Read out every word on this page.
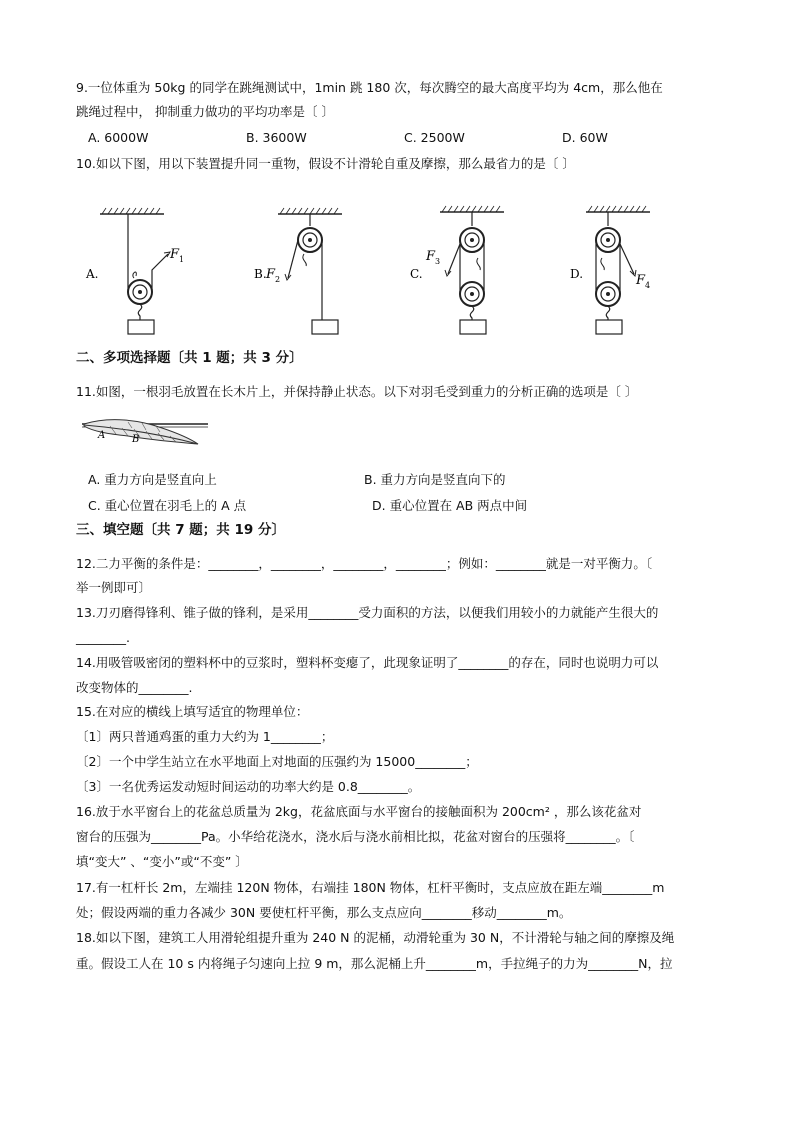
9.一位体重为 50kg 的同学在跳绳测试中，1min 跳 180 次，每次腾空的最大高度平均为 4cm，那么他在
跳绳过程中， 抑制重力做功的平均功率是〔 〕
A. 6000W	B. 3600W	C. 2500W	D. 60W
10.如以下图，用以下装置提升同一重物，假设不计滑轮自重及摩擦，那么最省力的是〔 〕
A.
F 1
B. F 2	C.
F 3
D.	F 4
二、多项选择题〔共 1 题；共 3 分〕
11.如图，一根羽毛放置在长木片上，并保持静止状态。以下对羽毛受到重力的分析正确的选项是〔 〕
A	B
A. 重力方向是竖直向上	B. 重力方向是竖直向下的
C. 重心位置在羽毛上的 A 点	D. 重心位置在 AB 两点中间
三、填空题〔共 7 题；共 19 分〕
12.二力平衡的条件是：________，________，________，________；例如：________就是一对平衡力。〔
举一例即可〕
13.刀刃磨得锋利、锥子做的锋利，是采用________受力面积的方法，以便我们用较小的力就能产生很大的
________.
14.用吸管吸密闭的塑料杯中的豆浆时，塑料杯变瘪了，此现象证明了________的存在，同时也说明力可以
改变物体的________.
15.在对应的横线上填写适宜的物理单位：
〔1〕两只普通鸡蛋的重力大约为 1________；
〔2〕一个中学生站立在水平地面上对地面的压强约为 15000________；
〔3〕一名优秀运发动短时间运动的功率大约是 0.8________。
16.放于水平窗台上的花盆总质量为 2kg，花盆底面与水平窗台的接触面积为 200cm² ，那么该花盆对
窗台的压强为________Pa。小华给花浇水，浇水后与浇水前相比拟，花盆对窗台的压强将________。〔
填“变大” 、“变小”或“不变” 〕
17.有一杠杆长 2m，左端挂 120N 物体，右端挂 180N 物体，杠杆平衡时，支点应放在距左端________m
处；假设两端的重力各减少 30N 要使杠杆平衡，那么支点应向________移动________m。
18.如以下图，建筑工人用滑轮组提升重为 240 N 的泥桶，动滑轮重为 30 N，不计滑轮与轴之间的摩擦及绳
重。假设工人在 10 s 内将绳子匀速向上拉 9 m，那么泥桶上升________m，手拉绳子的力为________N，拉
